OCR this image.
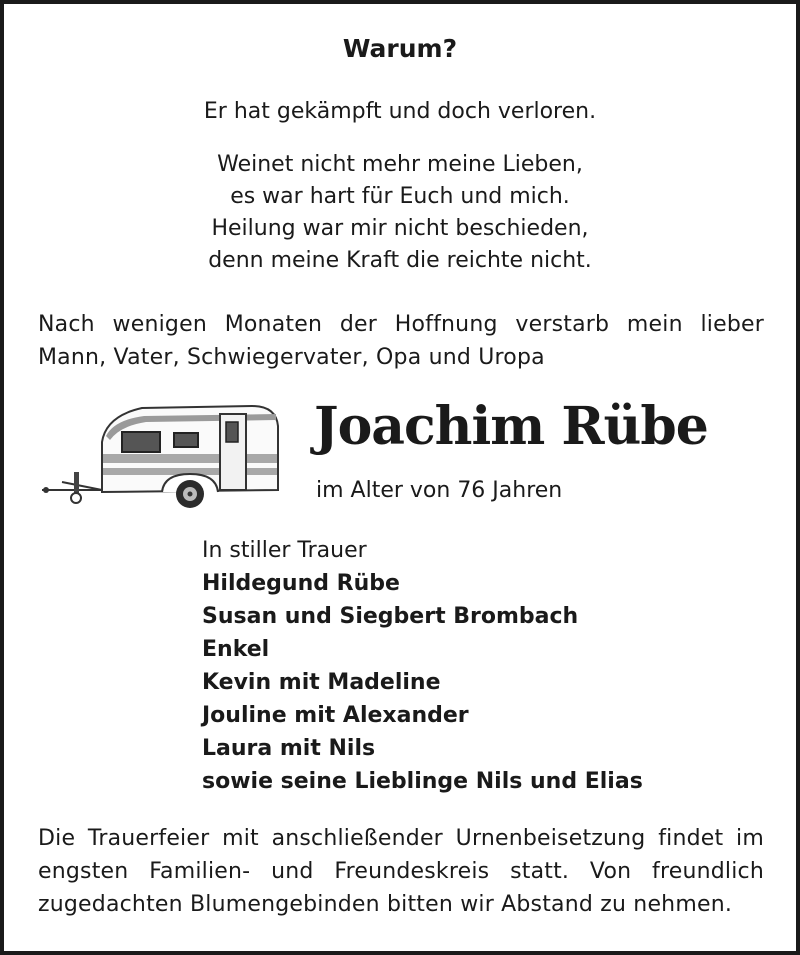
Warum?

Er hat gekämpft und doch verloren.

Weinet nicht mehr meine Lieben,
es war hart für Euch und mich.
Heilung war mir nicht beschieden,
denn meine Kraft die reichte nicht.

Nach wenigen Monaten der Hoffnung verstarb mein lieber Mann, Vater, Schwiegervater, Opa und Uropa

Joachim Rübe

im Alter von 76 Jahren

In stiller Trauer
Hildegund Rübe
Susan und Siegbert Brombach
Enkel
Kevin mit Madeline
Jouline mit Alexander
Laura mit Nils
sowie seine Lieblinge Nils und Elias

Die Trauerfeier mit anschließender Urnenbeisetzung findet im engsten Familien- und Freundeskreis statt. Von freundlich zugedachten Blumengebinden bitten wir Abstand zu nehmen.
